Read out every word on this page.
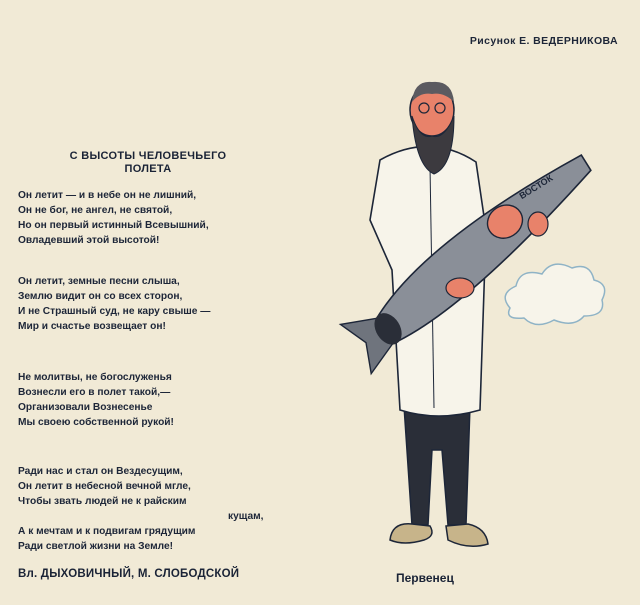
Рисунок Е. ВЕДЕРНИКОВА
С ВЫСОТЫ ЧЕЛОВЕЧЬЕГО
ПОЛЕТА
Он летит — и в небе он не лишний,
Он не бог, не ангел, не святой,
Но он первый истинный Всевышний,
Овладевший этой высотой!
Он летит, земные песни слыша,
Землю видит он со всех сторон,
И не Страшный суд, не кару свыше —
Мир и счастье возвещает он!
Не молитвы, не богослуженья
Вознесли его в полет такой,—
Организовали Вознесенье
Мы своею собственной рукой!
Ради нас и стал он Вездесущим,
Он летит в небесной вечной мгле,
Чтобы звать людей не к райским
кущам,
А к мечтам и к подвигам грядущим
Ради светлой жизни на Земле!
Вл. ДЫХОВИЧНЫЙ, М. СЛОБОДСКОЙ
ВОСТОК
Первенец
